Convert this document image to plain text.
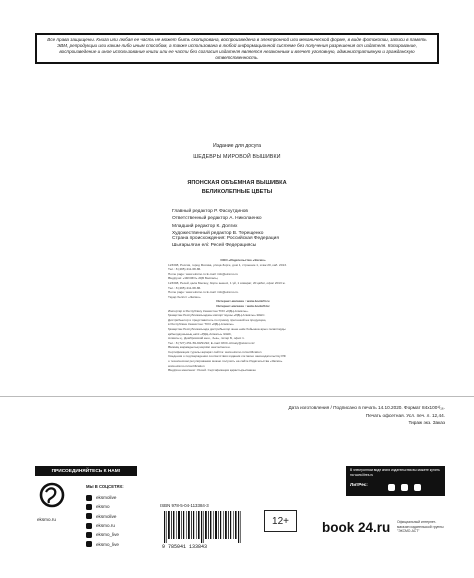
Все права защищены. Книга или любая ее часть не может быть скопирована, воспроизведена в электронной или механической форме, в виде фотокопии, записи в память ЭВМ, репродукции или каким-либо иным способом, а также использована в любой информационной системе без получения разрешения от издателя. Копирование, воспроизведение и иное использование книги или ее части без согласия издателя является незаконным и влечет уголовную, административную и гражданскую ответственность.
Издание для досуга
ШЕДЕВРЫ МИРОВОЙ ВЫШИВКИ
ЯПОНСКАЯ ОБЪЕМНАЯ ВЫШИВКА
ВЕЛИКОЛЕПНЫЕ ЦВЕТЫ
Главный редактор Р. Фасхутдинов
Ответственный редактор А. Николаенко
Младший редактор К. Долгих
Художественный редактор В. Терещенко
Страна происхождения: Российская Федерация
Шығарылған елі: Ресей Федерациясы
ООО «Издательство «Эксмо»
123308, Россия, город Москва, улица Зорге, дом 1, строение 1, этаж 20, каб. 2013.
Тел.: 8 (495) 411-68-86.
Home page: www.eksmo.ru E-mail: info@eksmo.ru
Өндіруші: «ЭКСМО» АҚБ Баспасы,
123308, Ресей, қала Мәскеу, Зорге көшесі, 1 үй, 1 ғимарат, 20 қабат, офис 2013 ж.
Тел.: 8 (495) 411-68-86.
Home page: www.eksmo.ru E-mail: info@eksmo.ru.
Тауар белгісі: «Эксмо»
Интернет-магазин : www.book24.ru
Интернет-магазин : www.book24.kz
Импортёр в Республику Казахстан ТОО «РДЦ-Алматы».
Қазақстан Республикасындағы импорттаушы «РДЦ-Алматы» ЖШС.
Дистрибьютор и представитель по приему претензий на продукцию,
в Республике Казахстан: ТОО «РДЦ-Алматы»
Қазақстан Республикасында дистрибьютор және өнім бойынша арыз-талаптарды
қабылдаушының өкілі «РДЦ-Алматы» ЖШС,
Алматы қ., Домбровский көш., 3«а», литер Б, офис 1.
Тел.: 8 (727) 251-59-90/91/92; E-mail: RDC-Almaty@eksmo.kz
Өнімнің жарамдылық мерзімі шектелмеген.
Сертификация туралы ақпарат сайтта: www.eksmo.ru/certification
Сведения о подтверждении соответствия издания согласно законодательству РФ
о техническом регулировании можно получить на сайте Издательства «Эксмо»
www.eksmo.ru/certification
Өндірген мемлекет: Ресей. Сертификация қарастырылмаған
Дата изготовления / Подписано в печать 14.10.2020. Формат 84x100¹/₁₆.
Печать офсетная. Усл. печ. л. 12,44.
Тираж экз. Заказ
ПРИСОЕДИНЯЙТЕСЬ К НАМ!
eksmo.ru
МЫ В СОЦСЕТЯХ:
eksmolive
eksmo
eksmolive
eksmo.ru
eksmo_live
eksmo_live
ISBN 978-5-04-113384-3
9 785041 133843
12+	book 24.ru Официальный интернет-магазин издательской группы "ЭКСМО-АСТ"
В электронном виде книги издательства вы можете купить на www.litres.ru
ЛитРес:
